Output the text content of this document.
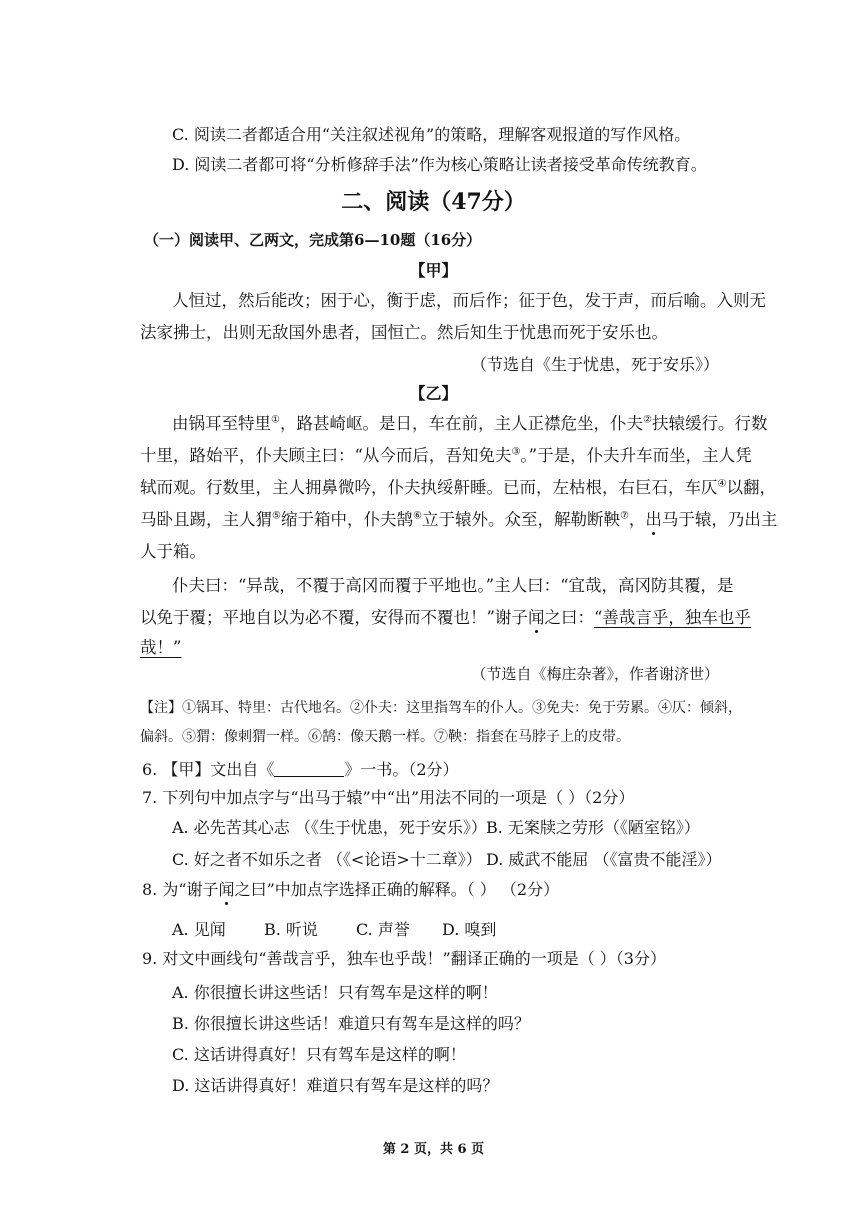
C. 阅读二者都适合用“关注叙述视角”的策略，理解客观报道的写作风格。
D. 阅读二者都可将“分析修辞手法”作为核心策略让读者接受革命传统教育。
二、阅读（47分）
（一）阅读甲、乙两文，完成第6—10题（16分）
【甲】
人恒过，然后能改；困于心，衡于虑，而后作；征于色，发于声，而后喻。入则无
法家拂士，出则无敌国外患者，国恒亡。然后知生于忧患而死于安乐也。
（节选自《生于忧患，死于安乐》）
【乙】
由锅耳至特里①，路甚崎岖。是日，车在前，主人正襟危坐，仆夫②扶辕缓行。行数
十里，路始平，仆夫顾主曰：“从今而后，吾知免夫③。”于是，仆夫升车而坐，主人凭
轼而观。行数里，主人拥鼻微吟，仆夫执绥鼾睡。已而，左枯根，右巨石，车仄④以翻，
马卧且踢，主人猬⑤缩于箱中，仆夫鹄⑥立于辕外。众至，解勒断鞅⑦，出马于辕，乃出主
人于箱。
仆夫曰：“异哉，不覆于高冈而覆于平地也。”主人曰：“宜哉，高冈防其覆，是
以免于覆；平地自以为必不覆，安得而不覆也！”谢子闻之曰：“善哉言乎，独车也乎
哉！”
（节选自《梅庄杂著》，作者谢济世）
【注】①锅耳、特里：古代地名。②仆夫：这里指驾车的仆人。③免夫：免于劳累。④仄：倾斜，
偏斜。⑤猬：像刺猬一样。⑥鹄：像天鹅一样。⑦鞅：指套在马脖子上的皮带。
6. 【甲】文出自《	》一书。（2分）
7. 下列句中加点字与“出马于辕”中“出”用法不同的一项是（ ）（2分）
A. 必先苦其心志 （《生于忧患，死于安乐》） B. 无案牍之劳形（《陋室铭》）
C. 好之者不如乐之者 （《<论语>十二章》） D. 威武不能屈 （《富贵不能淫》）
8. 为“谢子闻之曰”中加点字选择正确的解释。（ ） （2分）
A. 见闻 B. 听说 C. 声誉 D. 嗅到
9. 对文中画线句“善哉言乎，独车也乎哉！”翻译正确的一项是（ ）（3分）
A. 你很擅长讲这些话！只有驾车是这样的啊！
B. 你很擅长讲这些话！难道只有驾车是这样的吗？
C. 这话讲得真好！只有驾车是这样的啊！
D. 这话讲得真好！难道只有驾车是这样的吗？
第 2 页，共 6 页
